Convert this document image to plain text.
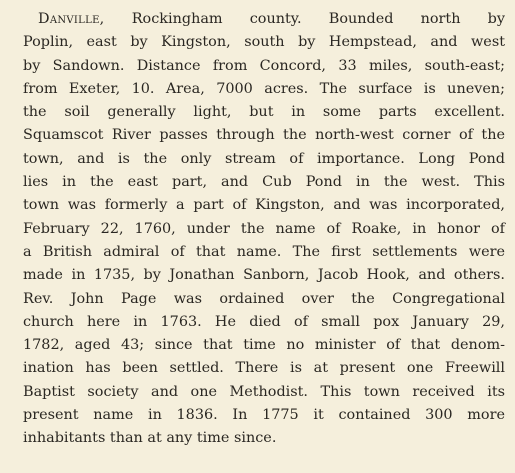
Danville, Rockingham county. Bounded north by
Poplin, east by Kingston, south by Hempstead, and west
by Sandown. Distance from Concord, 33 miles, south-east;
from Exeter, 10. Area, 7000 acres. The surface is uneven;
the soil generally light, but in some parts excellent.
Squamscot River passes through the north-west corner of the
town, and is the only stream of importance. Long Pond
lies in the east part, and Cub Pond in the west. This
town was formerly a part of Kingston, and was incorporated,
February 22, 1760, under the name of Roake, in honor of
a British admiral of that name. The first settlements were
made in 1735, by Jonathan Sanborn, Jacob Hook, and others.
Rev. John Page was ordained over the Congregational
church here in 1763. He died of small pox January 29,
1782, aged 43; since that time no minister of that denom-
ination has been settled. There is at present one Freewill
Baptist society and one Methodist. This town received its
present name in 1836. In 1775 it contained 300 more
inhabitants than at any time since.
